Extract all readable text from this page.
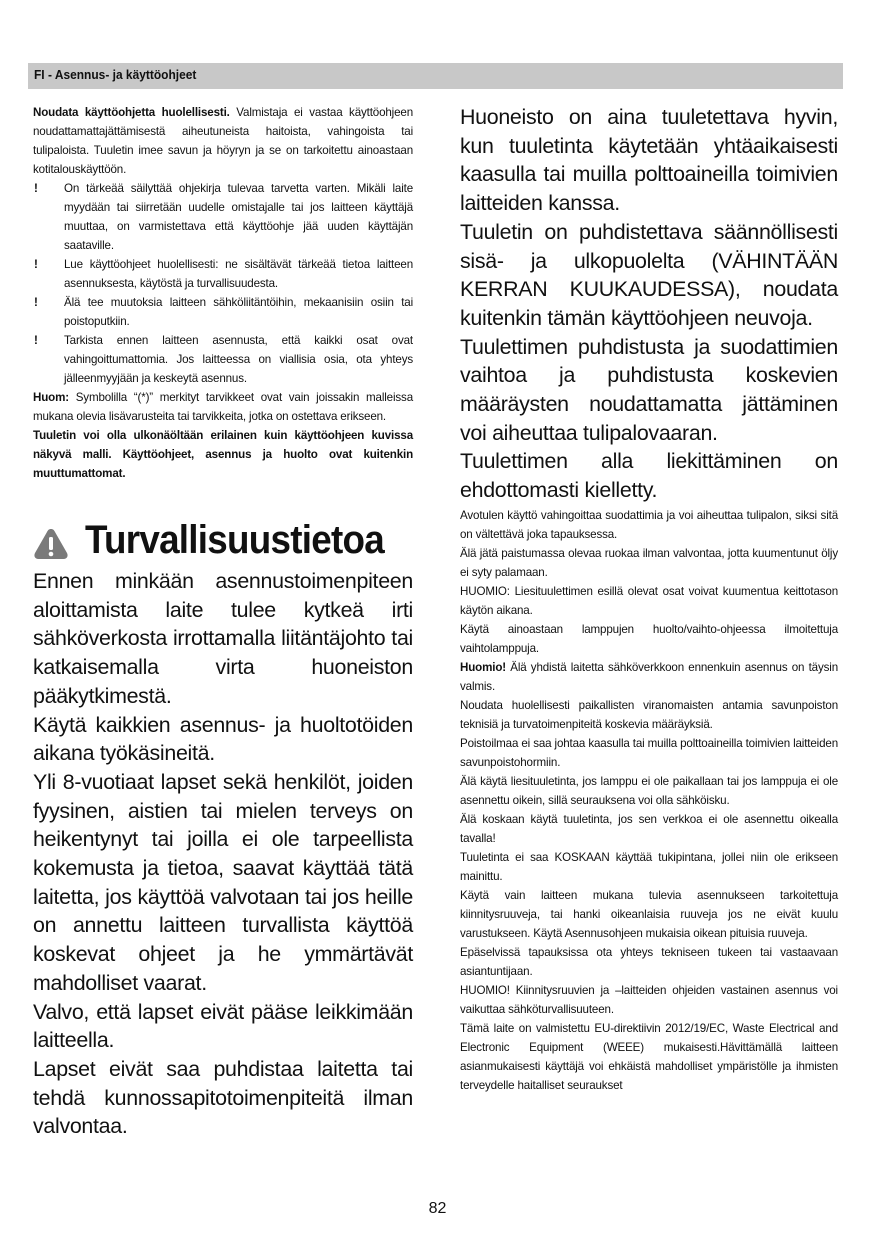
FI - Asennus- ja käyttöohjeet

Noudata käyttöohjetta huolellisesti. Valmistaja ei vastaa käyttöohjeen noudattamattajättämisestä aiheutuneista haitoista, vahingoista tai tulipaloista. Tuuletin imee savun ja höyryn ja se on tarkoitettu ainoastaan kotitalouskäyttöön.

! On tärkeää säilyttää ohjekirja tulevaa tarvetta varten. Mikäli laite myydään tai siirretään uudelle omistajalle tai jos laitteen käyttäjä muuttaa, on varmistettava että käyttöohje jää uuden käyttäjän saataville.
! Lue käyttöohjeet huolellisesti: ne sisältävät tärkeää tietoa laitteen asennuksesta, käytöstä ja turvallisuudesta.
! Älä tee muutoksia laitteen sähköliitäntöihin, mekaanisiin osiin tai poistoputkiin.
! Tarkista ennen laitteen asennusta, että kaikki osat ovat vahingoittumattomia. Jos laitteessa on viallisia osia, ota yhteys jälleenmyyjään ja keskeytä asennus.

Huom: Symbolilla “(*)” merkityt tarvikkeet ovat vain joissakin malleissa mukana olevia lisävarusteita tai tarvikkeita, jotka on ostettava erikseen.

Tuuletin voi olla ulkonäöltään erilainen kuin käyttöohjeen kuvissa näkyvä malli. Käyttöohjeet, asennus ja huolto ovat kuitenkin muuttumattomat.

Turvallisuustietoa

Ennen minkään asennustoimenpiteen aloittamista laite tulee kytkeä irti sähköverkosta irrottamalla liitäntäjohto tai katkaisemalla virta huoneiston pääkytkimestä.

Käytä kaikkien asennus- ja huoltotöiden aikana työkäsineitä.

Yli 8-vuotiaat lapset sekä henkilöt, joiden fyysinen, aistien tai mielen terveys on heikentynyt tai joilla ei ole tarpeellista kokemusta ja tietoa, saavat käyttää tätä laitetta, jos käyttöä valvotaan tai jos heille on annettu laitteen turvallista käyttöä koskevat ohjeet ja he ymmärtävät mahdolliset vaarat.

Valvo, että lapset eivät pääse leikkimään laitteella.

Lapset eivät saa puhdistaa laitetta tai tehdä kunnossapitotoimenpiteitä ilman valvontaa.

Huoneisto on aina tuuletettava hyvin, kun tuuletinta käytetään yhtäaikaisesti kaasulla tai muilla polttoaineilla toimivien laitteiden kanssa.

Tuuletin on puhdistettava säännöllisesti sisä- ja ulkopuolelta (VÄHINTÄÄN KERRAN KUUKAUDESSA), noudata kuitenkin tämän käyttöohjeen neuvoja.

Tuulettimen puhdistusta ja suodattimien vaihtoa ja puhdistusta koskevien määräysten noudattamatta jättäminen voi aiheuttaa tulipalovaaran.

Tuulettimen alla liekittäminen on ehdottomasti kielletty.

Avotulen käyttö vahingoittaa suodattimia ja voi aiheuttaa tulipalon, siksi sitä on vältettävä joka tapauksessa.

Älä jätä paistumassa olevaa ruokaa ilman valvontaa, jotta kuumentunut öljy ei syty palamaan.

HUOMIO: Liesituulettimen esillä olevat osat voivat kuumentua keittotason käytön aikana.

Käytä ainoastaan lamppujen huolto/vaihto-ohjeessa ilmoitettuja vaihtolamppuja.

Huomio! Älä yhdistä laitetta sähköverkkoon ennenkuin asennus on täysin valmis.

Noudata huolellisesti paikallisten viranomaisten antamia savunpoiston teknisiä ja turvatoimenpiteitä koskevia määräyksiä.

Poistoilmaa ei saa johtaa kaasulla tai muilla polttoaineilla toimivien laitteiden savunpoistohormiin.

Älä käytä liesituuletinta, jos lamppu ei ole paikallaan tai jos lamppuja ei ole asennettu oikein, sillä seurauksena voi olla sähköisku.

Älä koskaan käytä tuuletinta, jos sen verkkoa ei ole asennettu oikealla tavalla!

Tuuletinta ei saa KOSKAAN käyttää tukipintana, jollei niin ole erikseen mainittu.

Käytä vain laitteen mukana tulevia asennukseen tarkoitettuja kiinnitysruuveja, tai hanki oikeanlaisia ruuveja jos ne eivät kuulu varustukseen. Käytä Asennusohjeen mukaisia oikean pituisia ruuveja.

Epäselvissä tapauksissa ota yhteys tekniseen tukeen tai vastaavaan asiantuntijaan.

HUOMIO! Kiinnitysruuvien ja –laitteiden ohjeiden vastainen asennus voi vaikuttaa sähköturvallisuuteen.

Tämä laite on valmistettu EU-direktiivin 2012/19/EC, Waste Electrical and Electronic Equipment (WEEE) mukaisesti.Hävittämällä laitteen asianmukaisesti käyttäjä voi ehkäistä mahdolliset ympäristölle ja ihmisten terveydelle haitalliset seuraukset

82
